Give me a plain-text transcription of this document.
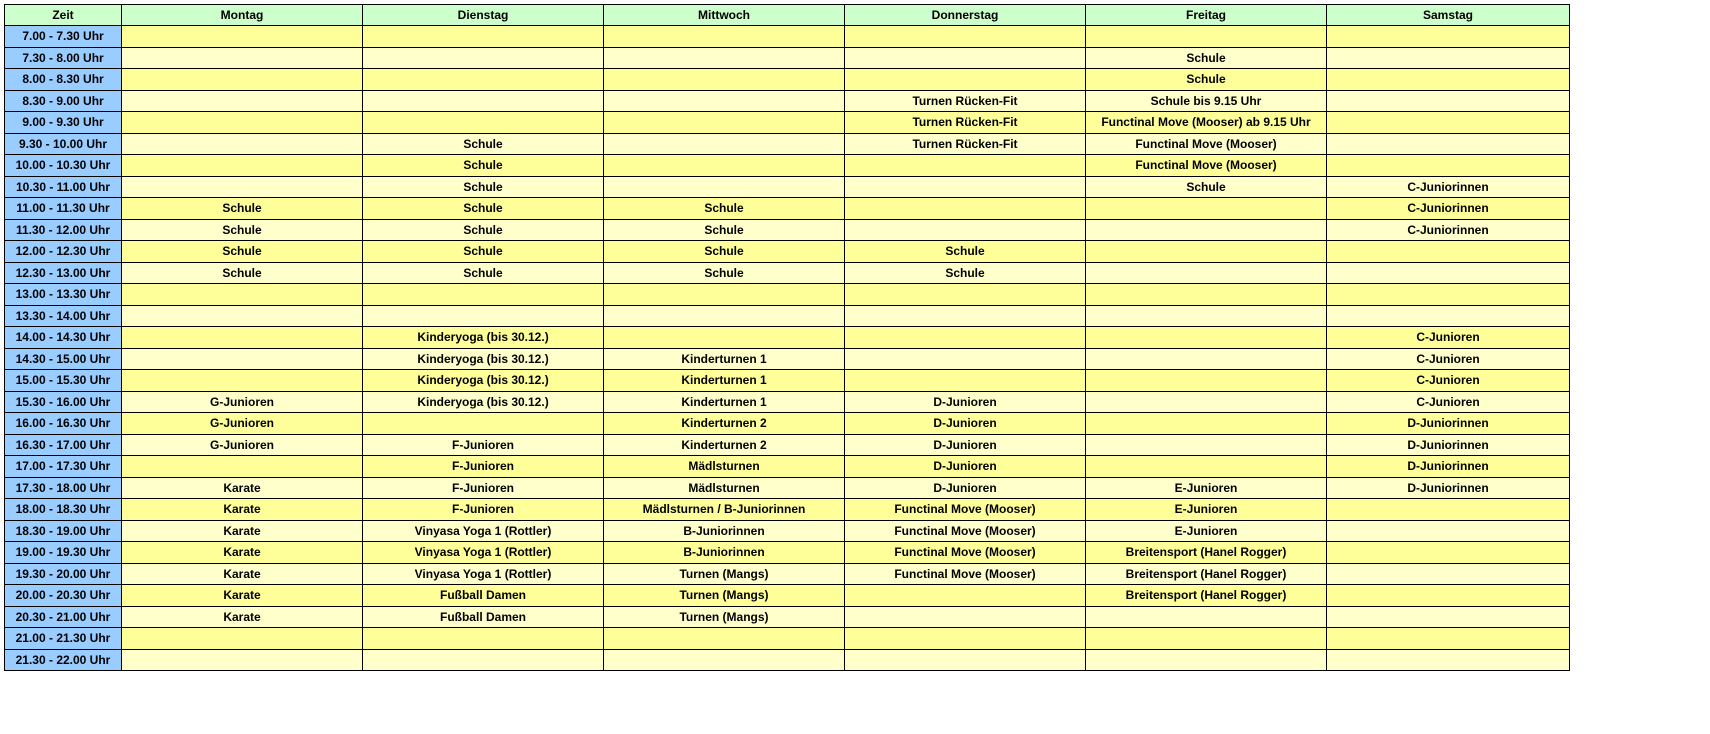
Zeit	Montag	Dienstag	Mittwoch	Donnerstag	Freitag	Samstag
7.00 - 7.30 Uhr						
7.30 - 8.00 Uhr					Schule	
8.00 - 8.30 Uhr					Schule	
8.30 - 9.00 Uhr				Turnen Rücken-Fit	Schule bis 9.15 Uhr	
9.00 - 9.30 Uhr				Turnen Rücken-Fit	Functinal Move (Mooser) ab 9.15 Uhr	
9.30 - 10.00 Uhr		Schule		Turnen Rücken-Fit	Functinal Move (Mooser)	
10.00 - 10.30 Uhr		Schule			Functinal Move (Mooser)	
10.30 - 11.00 Uhr		Schule			Schule	C-Juniorinnen
11.00 - 11.30 Uhr	Schule	Schule	Schule			C-Juniorinnen
11.30 - 12.00 Uhr	Schule	Schule	Schule			C-Juniorinnen
12.00 - 12.30 Uhr	Schule	Schule	Schule	Schule		
12.30 - 13.00 Uhr	Schule	Schule	Schule	Schule		
13.00 - 13.30 Uhr						
13.30 - 14.00 Uhr						
14.00 - 14.30 Uhr		Kinderyoga (bis 30.12.)				C-Junioren
14.30 - 15.00 Uhr		Kinderyoga (bis 30.12.)	Kinderturnen 1			C-Junioren
15.00 - 15.30 Uhr		Kinderyoga (bis 30.12.)	Kinderturnen 1			C-Junioren
15.30 - 16.00 Uhr	G-Junioren	Kinderyoga (bis 30.12.)	Kinderturnen 1	D-Junioren		C-Junioren
16.00 - 16.30 Uhr	G-Junioren		Kinderturnen 2	D-Junioren		D-Juniorinnen
16.30 - 17.00 Uhr	G-Junioren	F-Junioren	Kinderturnen 2	D-Junioren		D-Juniorinnen
17.00 - 17.30 Uhr		F-Junioren	Mädlsturnen	D-Junioren		D-Juniorinnen
17.30 - 18.00 Uhr	Karate	F-Junioren	Mädlsturnen	D-Junioren	E-Junioren	D-Juniorinnen
18.00 - 18.30 Uhr	Karate	F-Junioren	Mädlsturnen / B-Juniorinnen	Functinal Move (Mooser)	E-Junioren	
18.30 - 19.00 Uhr	Karate	Vinyasa Yoga 1 (Rottler)	B-Juniorinnen	Functinal Move (Mooser)	E-Junioren	
19.00 - 19.30 Uhr	Karate	Vinyasa Yoga 1 (Rottler)	B-Juniorinnen	Functinal Move (Mooser)	Breitensport (Hanel Rogger)	
19.30 - 20.00 Uhr	Karate	Vinyasa Yoga 1 (Rottler)	Turnen (Mangs)	Functinal Move (Mooser)	Breitensport (Hanel Rogger)	
20.00 - 20.30 Uhr	Karate	Fußball Damen	Turnen (Mangs)		Breitensport (Hanel Rogger)	
20.30 - 21.00 Uhr	Karate	Fußball Damen	Turnen (Mangs)			
21.00 - 21.30 Uhr						
21.30 - 22.00 Uhr						
